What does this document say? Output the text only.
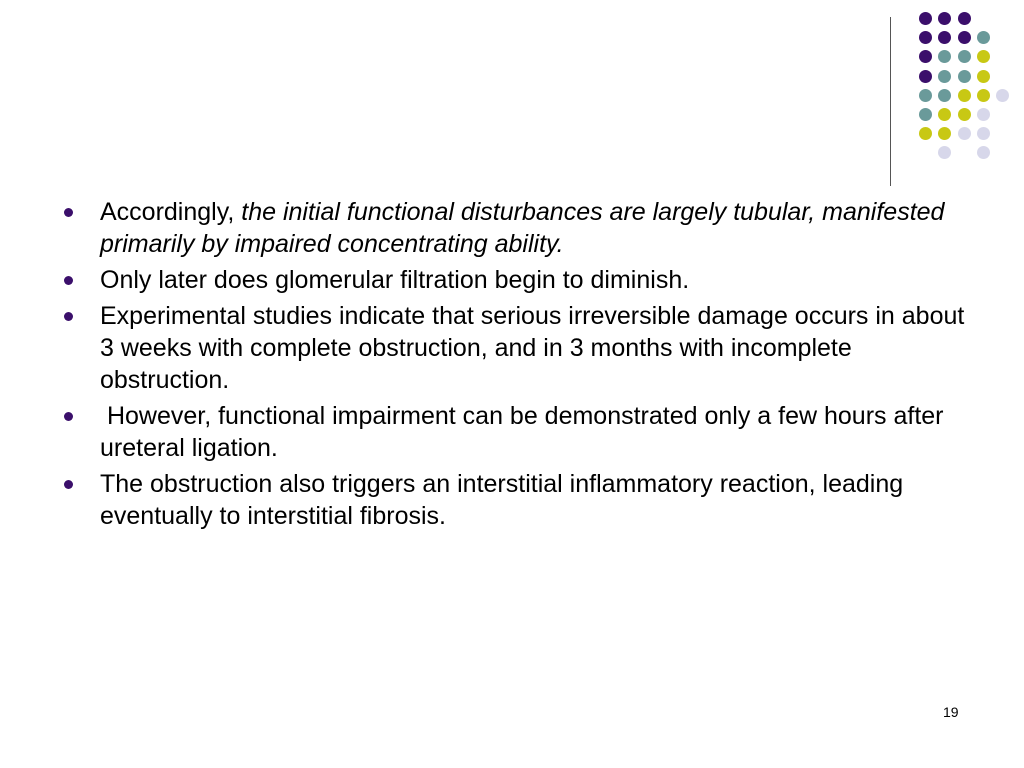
Accordingly, the initial functional disturbances are largely tubular, manifested primarily by impaired concentrating ability.
Only later does glomerular filtration begin to diminish.
Experimental studies indicate that serious irreversible damage occurs in about 3 weeks with complete obstruction, and in 3 months with incomplete obstruction.
However, functional impairment can be demonstrated only a few hours after ureteral ligation.
The obstruction also triggers an interstitial inflammatory reaction, leading eventually to interstitial fibrosis.
19
